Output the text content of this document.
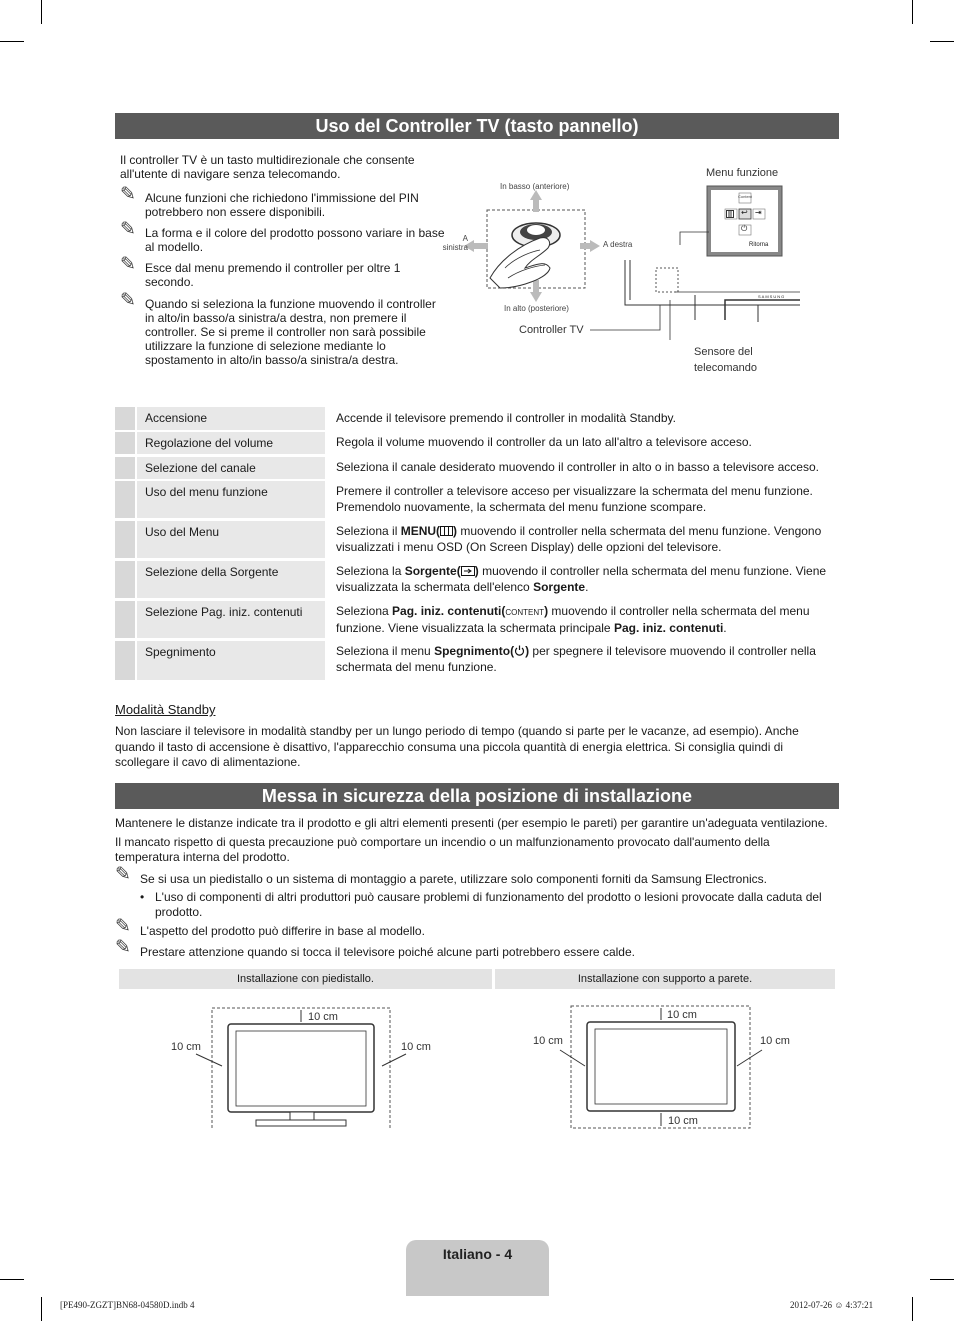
Uso del Controller TV (tasto pannello)
Il controller TV è un tasto multidirezionale che consente all'utente di navigare senza telecomando.
✎ Alcune funzioni che richiedono l'immissione del PIN potrebbero non essere disponibili.
✎ La forma e il colore del prodotto possono variare in base al modello.
✎ Esce dal menu premendo il controller per oltre 1 secondo.
✎ Quando si seleziona la funzione muovendo il controller in alto/in basso/a sinistra/a destra, non premere il controller. Se si preme il controller non sarà possibile utilizzare la funzione di selezione mediante lo spostamento in alto/in basso/a sinistra/a destra.
↩ ⇥
⏻
Content
SAMSUNG
In basso (anteriore)
In alto (posteriore)
A sinistra	A destra
Menu funzione
Ritorna
Controller TV
Sensore del telecomando
Accensione	Accende il televisore premendo il controller in modalità Standby.
Regolazione del volume	Regola il volume muovendo il controller da un lato all'altro a televisore acceso.
Selezione del canale	Seleziona il canale desiderato muovendo il controller in alto o in basso a televisore acceso.
Uso del menu funzione	Premere il controller a televisore acceso per visualizzare la schermata del menu funzione. Premendolo nuovamente, la schermata del menu funzione scompare.
Uso del Menu	Seleziona il MENU( ) muovendo il controller nella schermata del menu funzione. Vengono visualizzati i menu OSD (On Screen Display) delle opzioni del televisore.
Selezione della Sorgente	Seleziona la Sorgente( ) muovendo il controller nella schermata del menu funzione. Viene visualizzata la schermata dell'elenco Sorgente.
Selezione Pag. iniz. contenuti	Seleziona Pag. iniz. contenuti(CONTENT) muovendo il controller nella schermata del menu funzione. Viene visualizzata la schermata principale Pag. iniz. contenuti.
Spegnimento	Seleziona il menu Spegnimento( ) per spegnere il televisore muovendo il controller nella schermata del menu funzione.
Modalità Standby
Non lasciare il televisore in modalità standby per un lungo periodo di tempo (quando si parte per le vacanze, ad esempio). Anche quando il tasto di accensione è disattivo, l'apparecchio consuma una piccola quantità di energia elettrica. Si consiglia quindi di scollegare il cavo di alimentazione.
Messa in sicurezza della posizione di installazione
Mantenere le distanze indicate tra il prodotto e gli altri elementi presenti (per esempio le pareti) per garantire un'adeguata ventilazione.
Il mancato rispetto di questa precauzione può comportare un incendio o un malfunzionamento provocato dall'aumento della temperatura interna del prodotto.
✎ Se si usa un piedistallo o un sistema di montaggio a parete, utilizzare solo componenti forniti da Samsung Electronics.
• L'uso di componenti di altri produttori può causare problemi di funzionamento del prodotto o lesioni provocate dalla caduta del prodotto.
✎ L'aspetto del prodotto può differire in base al modello.
✎ Prestare attenzione quando si tocca il televisore poiché alcune parti potrebbero essere calde.
Installazione con piedistallo.	Installazione con supporto a parete.
10 cm
10 cm	10 cm
10 cm
10 cm
10 cm	10 cm
Italiano - 4
[PE490-ZGZT]BN68-04580D.indb 4	2012-07-26 ☺ 4:37:21
